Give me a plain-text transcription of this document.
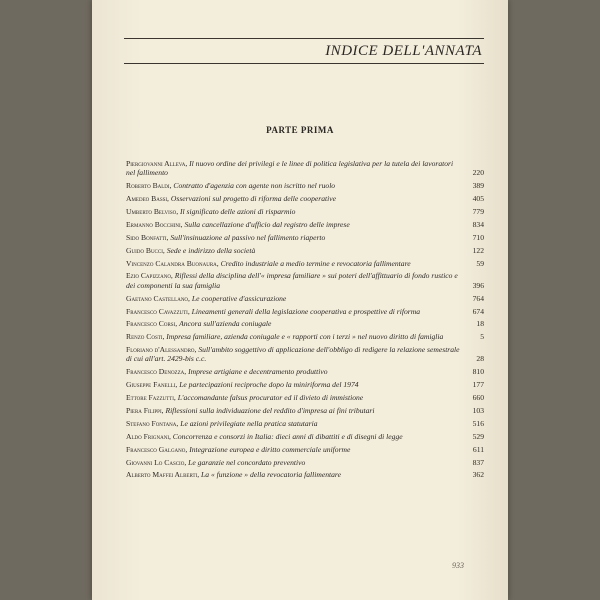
INDICE DELL'ANNATA
PARTE PRIMA
Piergiovanni Alleva, Il nuovo ordine dei privilegi e le linee di politica legislativa per la tutela dei lavoratori nel fallimento	220
Roberto Baldi, Contratto d'agenzia con agente non iscritto nel ruolo	389
Amedeo Bassi, Osservazioni sul progetto di riforma delle cooperative	405
Umberto Belviso, Il significato delle azioni di risparmio	779
Ermanno Bocchini, Sulla cancellazione d'ufficio dal registro delle imprese	834
Sido Bonfatti, Sull'insinuazione al passivo nel fallimento riaperto	710
Guido Bucci, Sede e indirizzo della società	122
Vincenzo Calandra Buonaura, Credito industriale a medio termine e revocatoria fallimentare	59
Ezio Capizzano, Riflessi della disciplina dell'« impresa familiare » sui poteri dell'affittuario di fondo rustico e dei componenti la sua famiglia	396
Gaetano Castellano, Le cooperative d'assicurazione	764
Francesco Cavazzuti, Lineamenti generali della legislazione cooperativa e prospettive di riforma	674
Francesco Corsi, Ancora sull'azienda coniugale	18
Renzo Costi, Impresa familiare, azienda coniugale e « rapporti con i terzi » nel nuovo diritto di famiglia	5
Floriano d'Alessandro, Sull'ambito soggettivo di applicazione dell'obbligo di redigere la relazione semestrale di cui all'art. 2429-bis c.c.	28
Francesco Denozza, Imprese artigiane e decentramento produttivo	810
Giuseppe Fanelli, Le partecipazioni reciproche dopo la miniriforma del 1974	177
Ettore Fazzutti, L'accomandante falsus procurator ed il divieto di immistione	660
Piera Filippi, Riflessioni sulla individuazione del reddito d'impresa ai fini tributari	103
Stefano Fontana, Le azioni privilegiate nella pratica statutaria	516
Aldo Frignani, Concorrenza e consorzi in Italia: dieci anni di dibattiti e di disegni di legge	529
Francesco Galgano, Integrazione europea e diritto commerciale uniforme	611
Giovanni Lo Cascio, Le garanzie nel concordato preventivo	837
Alberto Maffei Alberti, La « funzione » della revocatoria fallimentare	362
933
